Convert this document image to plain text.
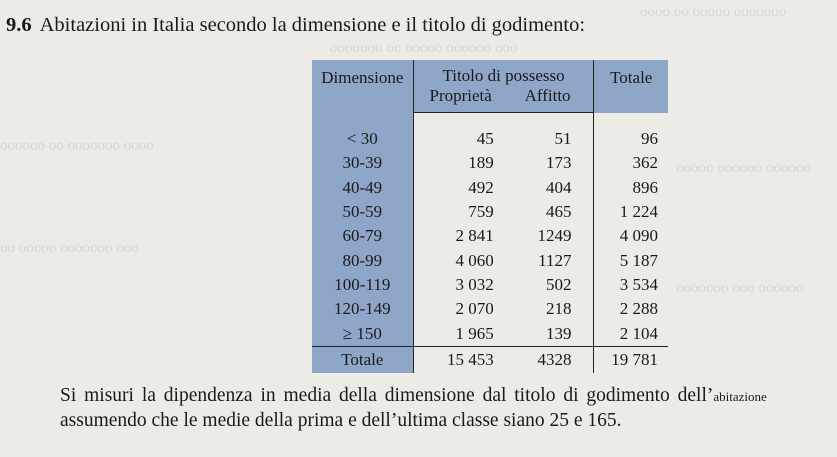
ooooooo ooooo oo oooo
ooo oooooo ooooo oo ooooooo
oooo ooooooo oo oooooo
oooooo oooooo ooooo
ooo ooooooo ooooo oo
oooooo ooo ooooooo
9.6 Abitazioni in Italia secondo la dimensione e il titolo di godimento:
Dimensione	Titolo di possesso		Totale
	Proprietà	Affitto	

< 30	45	51	96
30-39	189	173	362
40-49	492	404	896
50-59	759	465	1 224
60-79	2 841	1249	4 090
80-99	4 060	1127	5 187
100-119	3 032	502	3 534
120-149	2 070	218	2 288
≥ 150	1 965	139	2 104
Totale	15 453	4328	19 781
Si misuri la dipendenza in media della dimensione dal titolo di godimento dell’abitazione
assumendo che le medie della prima e dell’ultima classe siano 25 e 165.
